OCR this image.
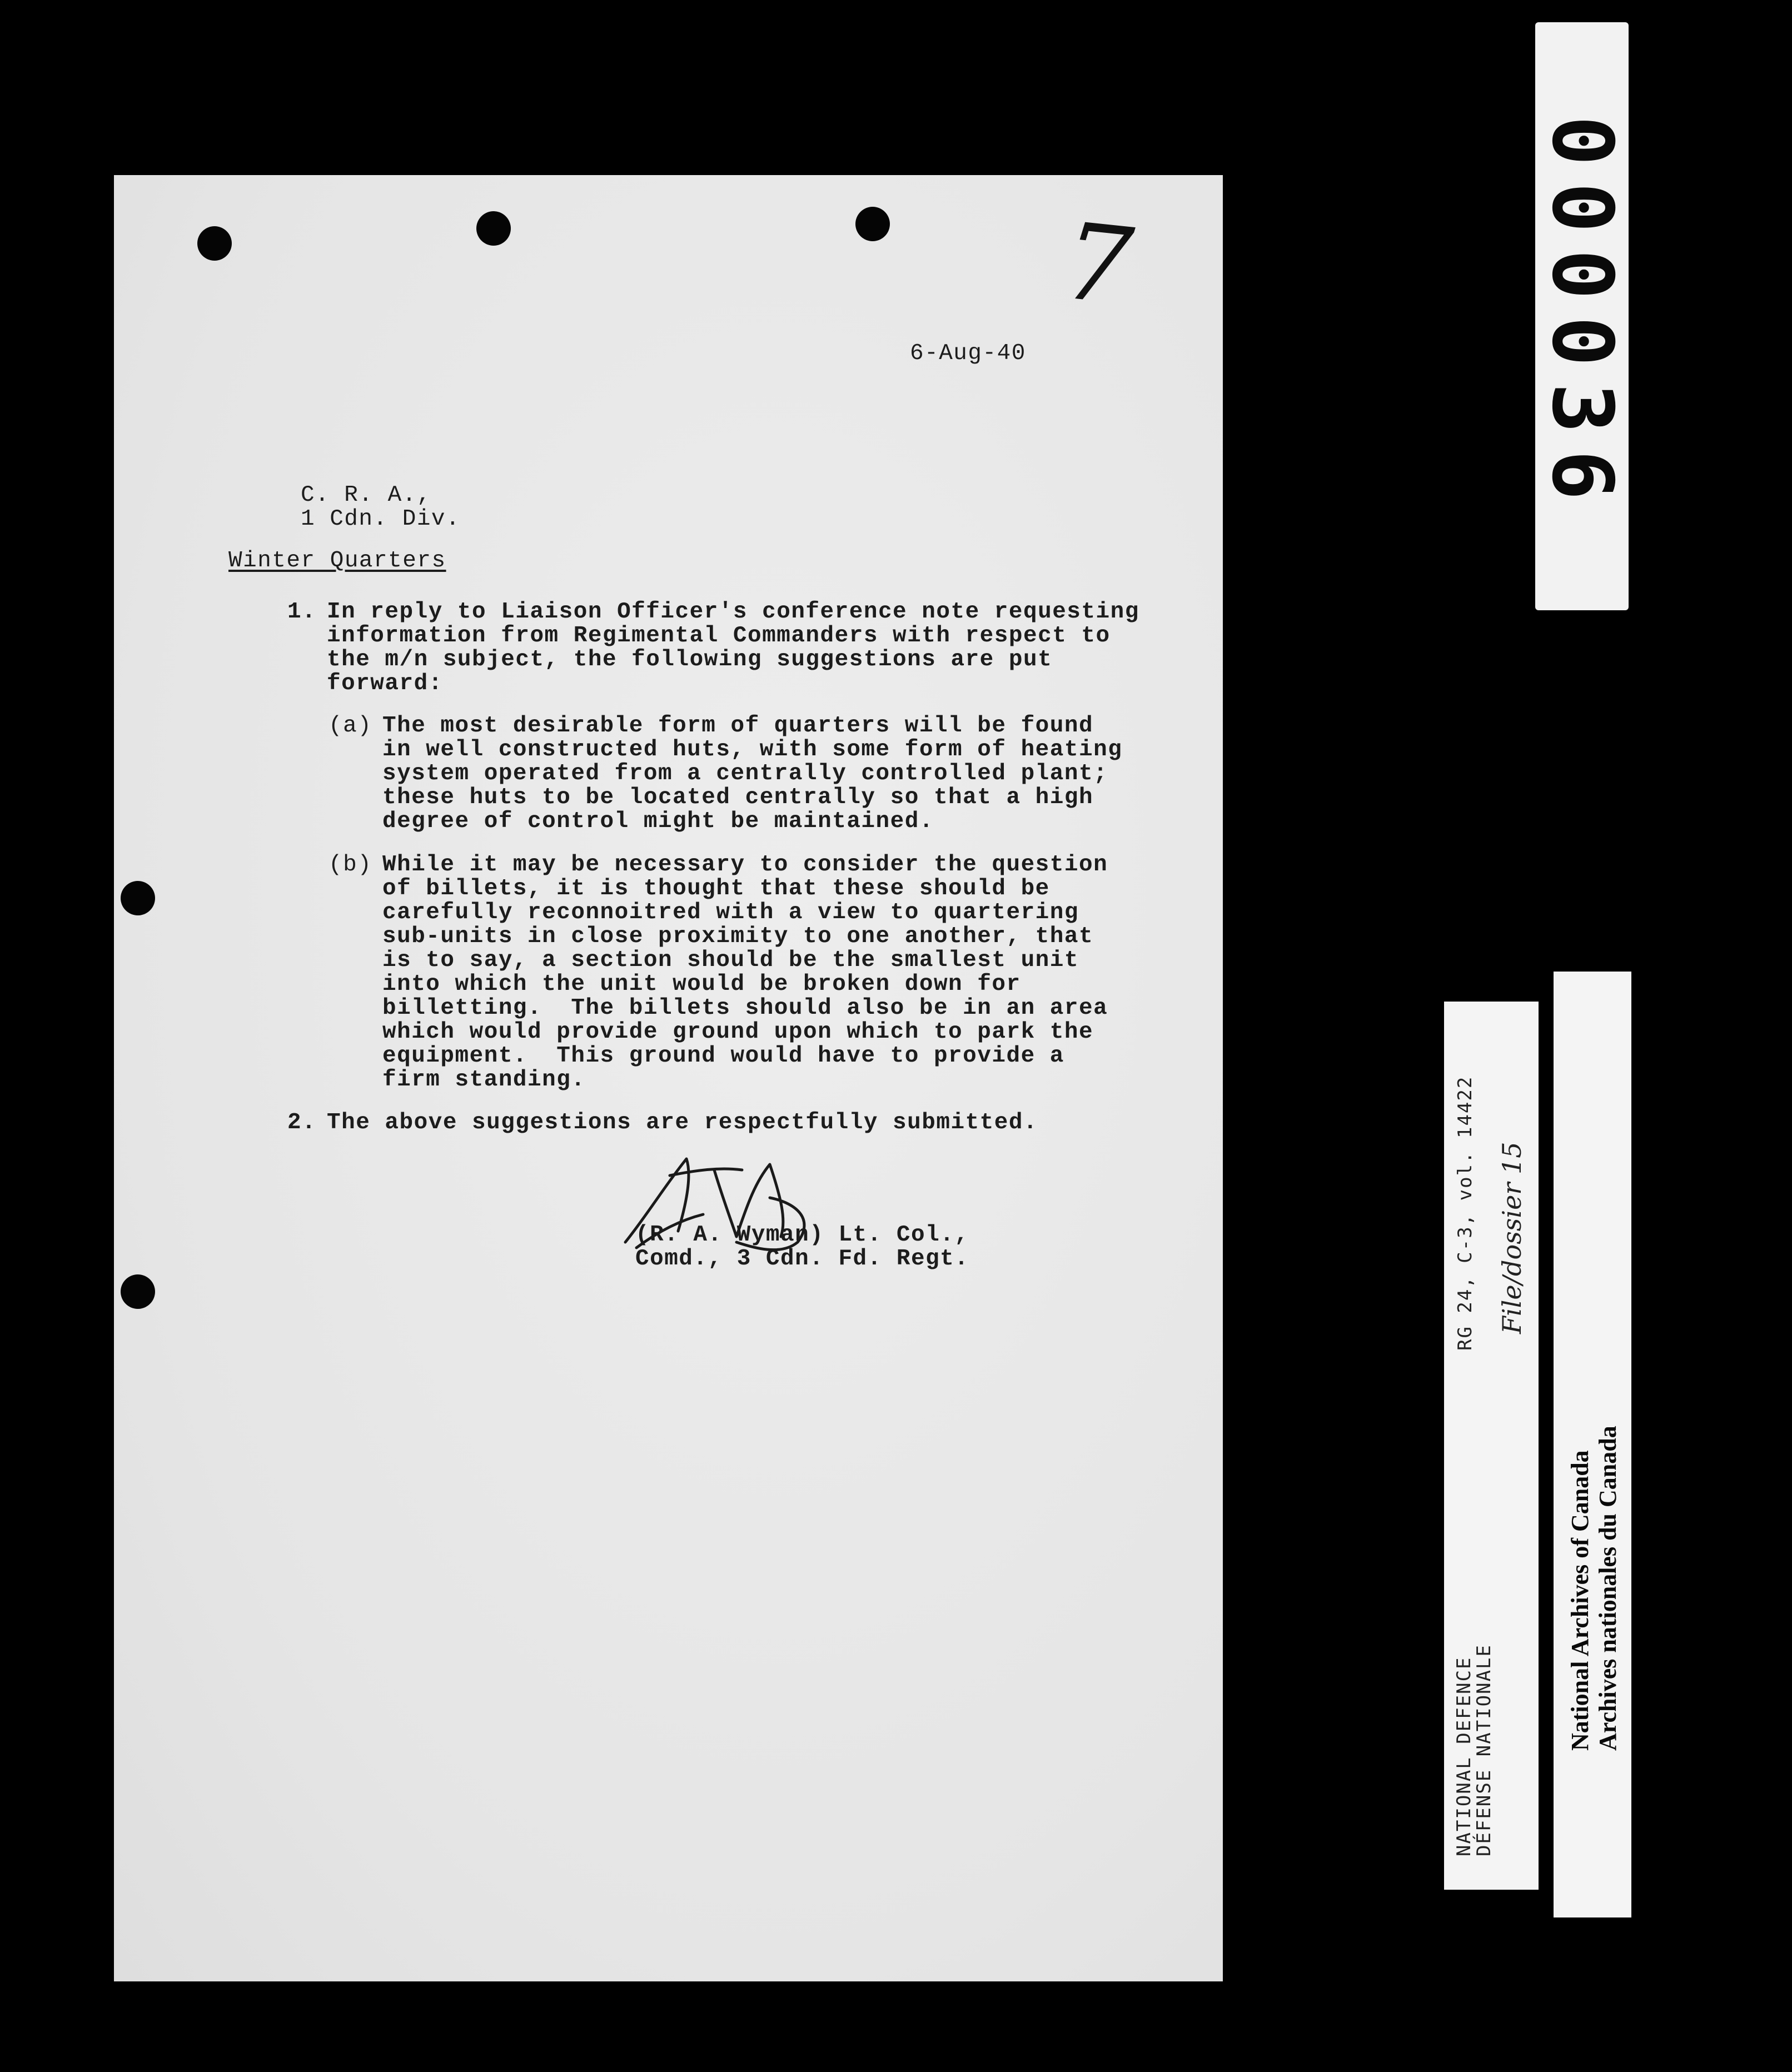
7
6-Aug-40
C. R. A.,
1 Cdn. Div.
Winter Quarters
1. In reply to Liaison Officer's conference note requesting
information from Regimental Commanders with respect to
the m/n subject, the following suggestions are put
forward:
(a) The most desirable form of quarters will be found
in well constructed huts, with some form of heating
system operated from a centrally controlled plant;
these huts to be located centrally so that a high
degree of control might be maintained.
(b) While it may be necessary to consider the question
of billets, it is thought that these should be
carefully reconnoitred with a view to quartering
sub-units in close proximity to one another, that
is to say, a section should be the smallest unit
into which the unit would be broken down for
billetting.  The billets should also be in an area
which would provide ground upon which to park the
equipment.  This ground would have to provide a
firm standing.
2. The above suggestions are respectfully submitted.
(R. A. Wyman) Lt. Col.,
Comd., 3 Cdn. Fd. Regt.
000036
NATIONAL DEFENCE
DÉFENSE NATIONALE
RG 24, C-3, vol. 14422 File/dossier 15
National Archives of Canada Archives nationales du Canada
